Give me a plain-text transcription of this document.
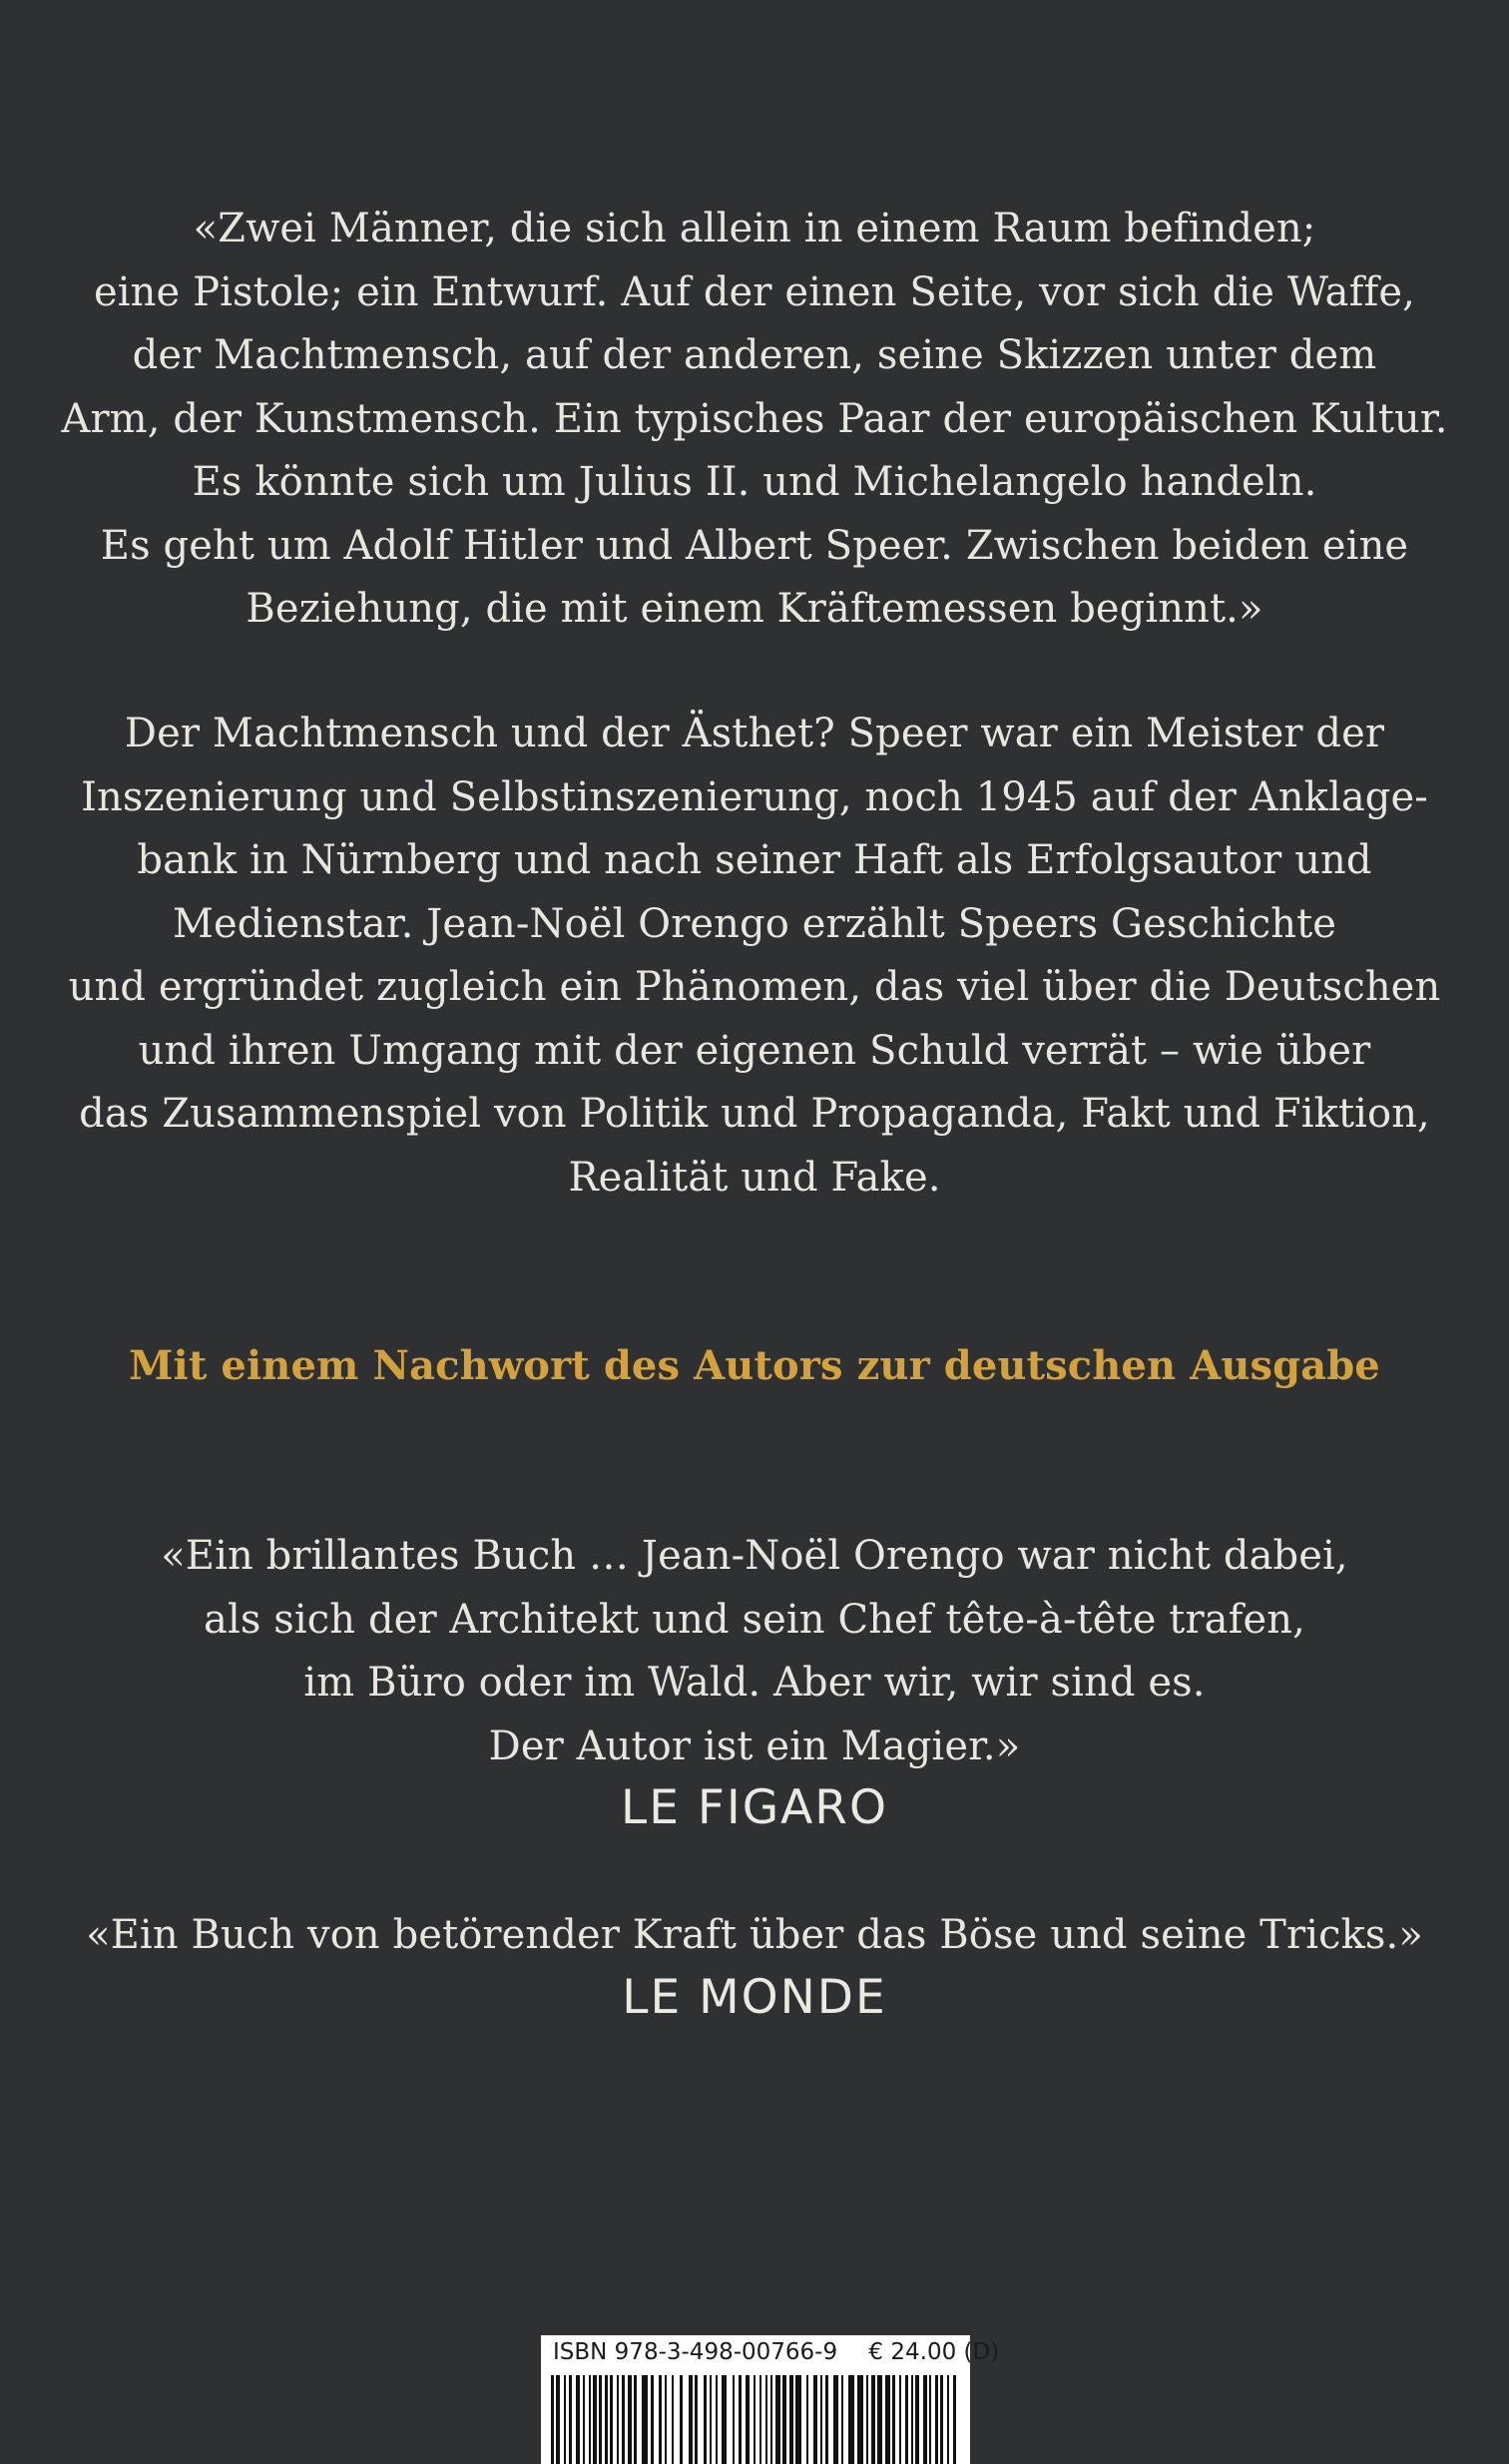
«Zwei Männer, die sich allein in einem Raum befinden;
eine Pistole; ein Entwurf. Auf der einen Seite, vor sich die Waffe,
der Machtmensch, auf der anderen, seine Skizzen unter dem
Arm, der Kunstmensch. Ein typisches Paar der europäischen Kultur.
Es könnte sich um Julius II. und Michelangelo handeln.
Es geht um Adolf Hitler und Albert Speer. Zwischen beiden eine
Beziehung, die mit einem Kräftemessen beginnt.»
Der Machtmensch und der Ästhet? Speer war ein Meister der
Inszenierung und Selbstinszenierung, noch 1945 auf der Anklage-
bank in Nürnberg und nach seiner Haft als Erfolgsautor und
Medienstar. Jean-Noël Orengo erzählt Speers Geschichte
und ergründet zugleich ein Phänomen, das viel über die Deutschen
und ihren Umgang mit der eigenen Schuld verrät – wie über
das Zusammenspiel von Politik und Propaganda, Fakt und Fiktion,
Realität und Fake.
Mit einem Nachwort des Autors zur deutschen Ausgabe
«Ein brillantes Buch … Jean-Noël Orengo war nicht dabei,
als sich der Architekt und sein Chef tête-à-tête trafen,
im Büro oder im Wald. Aber wir, wir sind es.
Der Autor ist ein Magier.»
LE FIGARO
«Ein Buch von betörender Kraft über das Böse und seine Tricks.»
LE MONDE
ISBN 978-3-498-00766-9 € 24.00 (D)
